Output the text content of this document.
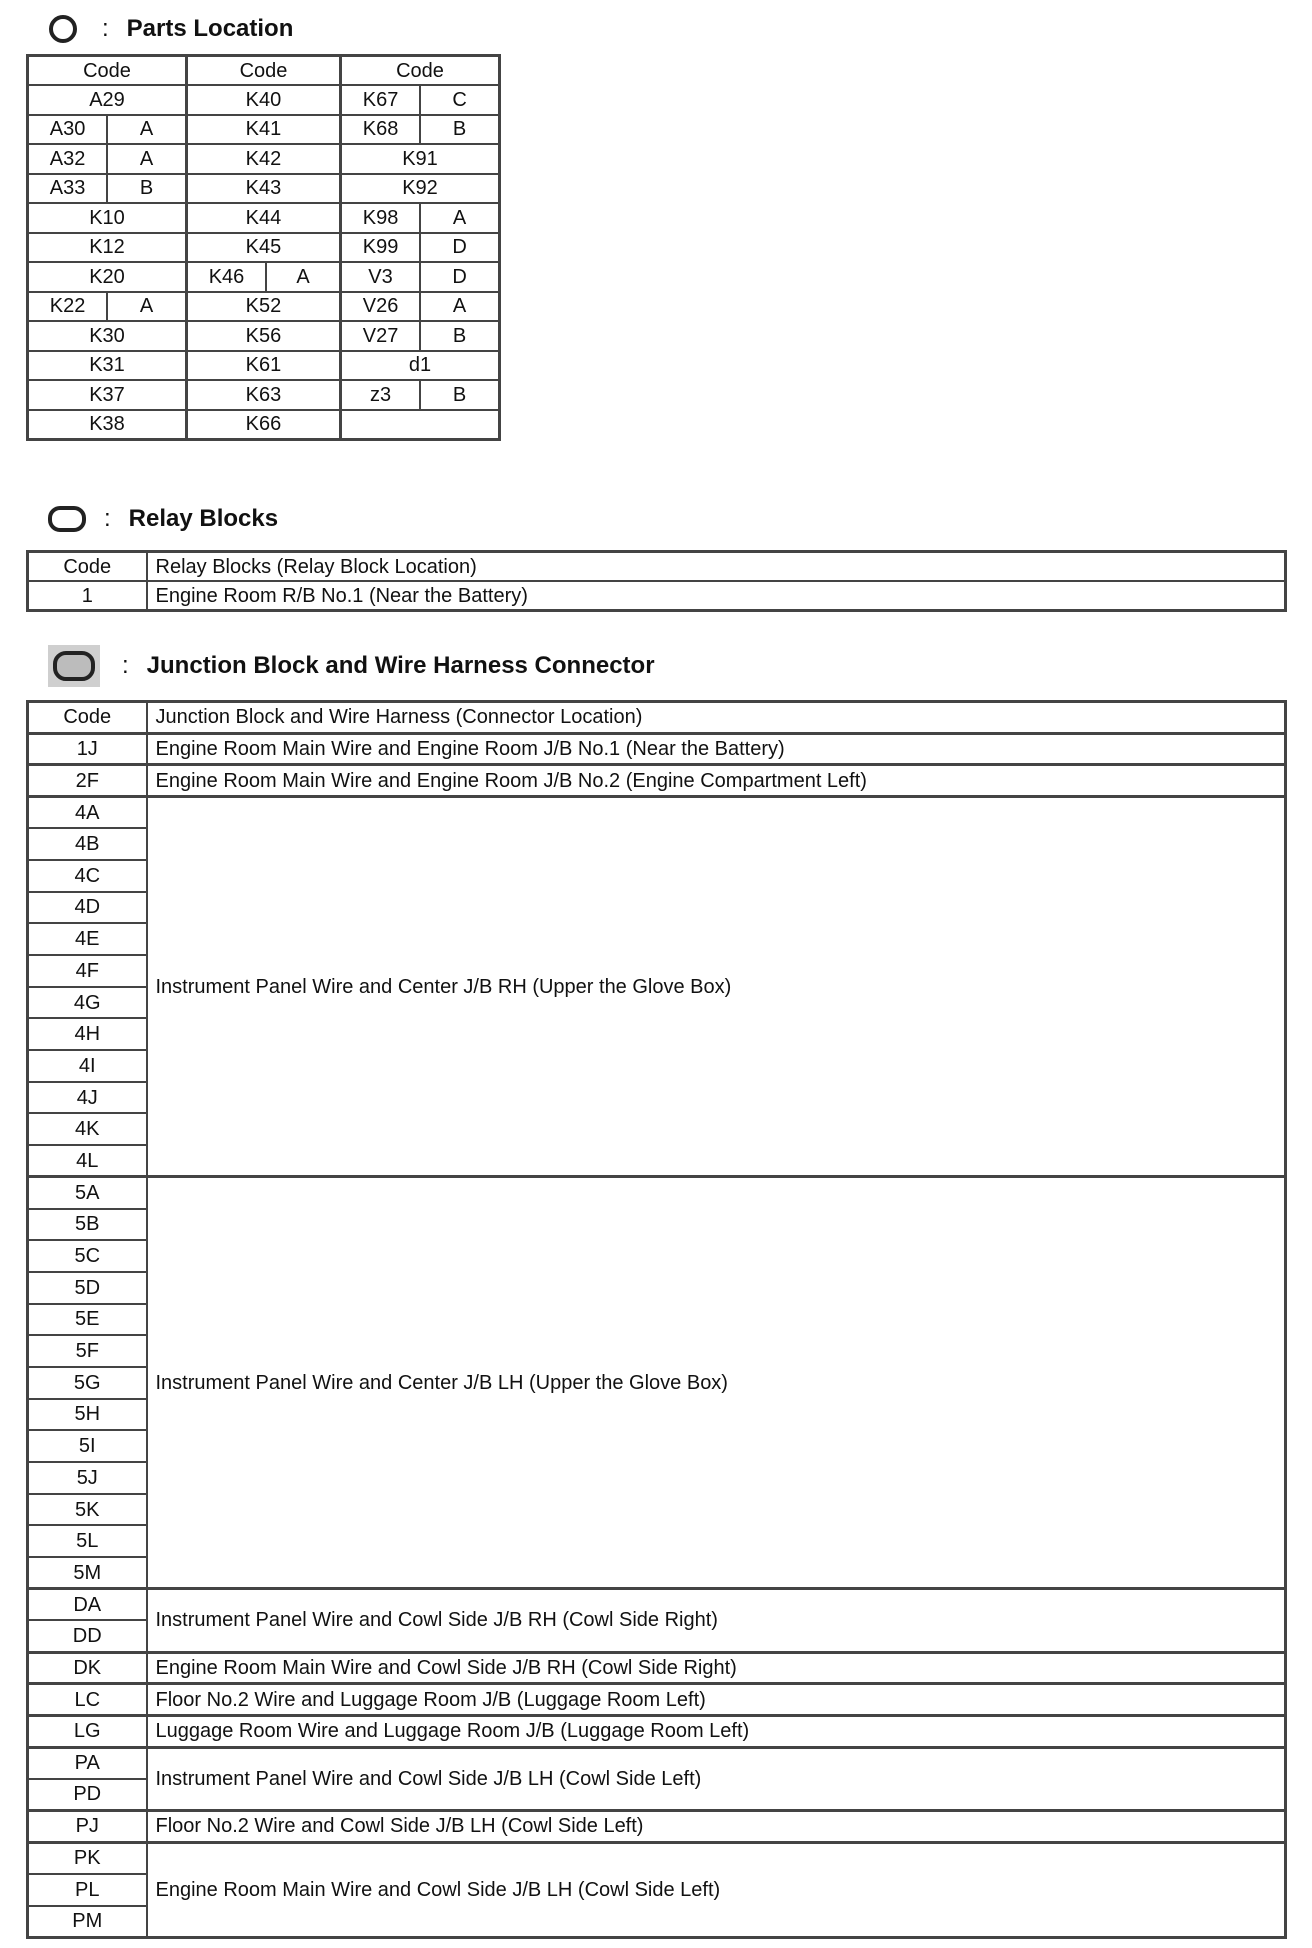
: Parts Location
Code		Code		Code	
A29		K40		K67	C
A30	A	K41		K68	B
A32	A	K42		K91	
A33	B	K43		K92	
K10		K44		K98	A
K12		K45		K99	D
K20		K46	A	V3	D
K22	A	K52		V26	A
K30		K56		V27	B
K31		K61		d1	
K37		K63		z3	B
K38		K66			
: Relay Blocks
Code	Relay Blocks (Relay Block Location)
1	Engine Room R/B No.1 (Near the Battery)
: Junction Block and Wire Harness Connector
Code	Junction Block and Wire Harness (Connector Location)
1J	Engine Room Main Wire and Engine Room J/B No.1 (Near the Battery)
2F	Engine Room Main Wire and Engine Room J/B No.2 (Engine Compartment Left)
4A	Instrument Panel Wire and Center J/B RH (Upper the Glove Box)
4B	
4C	
4D	
4E	
4F	
4G	
4H	
4I	
4J	
4K	
4L	
5A	Instrument Panel Wire and Center J/B LH (Upper the Glove Box)
5B	
5C	
5D	
5E	
5F	
5G	
5H	
5I	
5J	
5K	
5L	
5M	
DA	Instrument Panel Wire and Cowl Side J/B RH (Cowl Side Right)
DD	
DK	Engine Room Main Wire and Cowl Side J/B RH (Cowl Side Right)
LC	Floor No.2 Wire and Luggage Room J/B (Luggage Room Left)
LG	Luggage Room Wire and Luggage Room J/B (Luggage Room Left)
PA	Instrument Panel Wire and Cowl Side J/B LH (Cowl Side Left)
PD	
PJ	Floor No.2 Wire and Cowl Side J/B LH (Cowl Side Left)
PK	Engine Room Main Wire and Cowl Side J/B LH (Cowl Side Left)
PL	
PM	
